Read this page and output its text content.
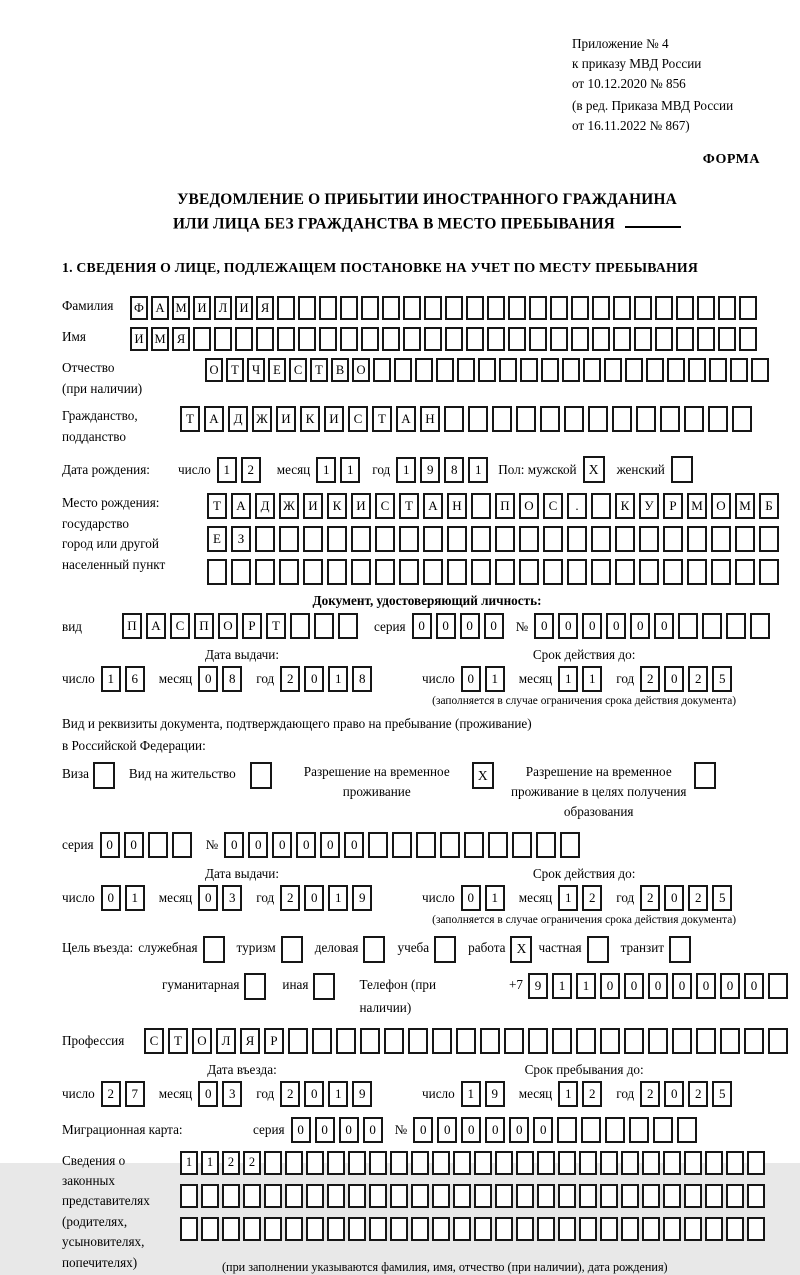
Приложение № 4
к приказу МВД России
от 10.12.2020 № 856
(в ред. Приказа МВД России
от 16.11.2022 № 867)
ФОРМА
УВЕДОМЛЕНИЕ О ПРИБЫТИИ ИНОСТРАННОГО ГРАЖДАНИНА
ИЛИ ЛИЦА БЕЗ ГРАЖДАНСТВА В МЕСТО ПРЕБЫВАНИЯ
1. СВЕДЕНИЯ О ЛИЦЕ, ПОДЛЕЖАЩЕМ ПОСТАНОВКЕ НА УЧЕТ ПО МЕСТУ ПРЕБЫВАНИЯ
Фамилия	Ф А М И Л И Я
Имя	И М Я
Отчество
(при наличии)
О	Т	Ч	Е	С	Т	В О
Гражданство,
подданство
Т	А	Д	Ж	И	К	И	С	Т	А	Н
Дата рождения:	число 1	2	месяц 1	1	год 1	9	8	1	Пол: мужской X	женский
Место рождения:
государство
город или другой
населенный пункт
Т	А	Д	Ж	И	К	И	С	Т	А	Н	П	О	С	.	К	У	Р	М	О	М	Б
Е	З
Документ, удостоверяющий личность:
вид	П	А	С	П	О	Р	Т	серия 0	0	0	0	№ 0	0	0	0	0	0
Дата выдачи:
число 1	6	месяц 0	8	год 2	0	1	8
Срок действия до:
число 0	1	месяц 1	1	год 2	0	2	5
(заполняется в случае ограничения срока действия документа)
Вид и реквизиты документа, подтверждающего право на пребывание (проживание)
в Российской Федерации:
Виза	Вид на жительство	Разрешение на временное проживание
X	Разрешение на временное проживание в целях получения образования
серия 0	0	№ 0	0	0	0	0	0
Дата выдачи:
число 0	1	месяц 0	3	год 2	0	1	9
Срок действия до:
число 0	1	месяц 1	2	год 2	0	2	5
(заполняется в случае ограничения срока действия документа)
Цель въезда: служебная	туризм	деловая	учеба	работа X частная	транзит
гуманитарная	иная	Телефон (при наличии)
+7 9	1	1	0	0	0	0	0	0	0
Профессия	С	Т	О	Л	Я	Р
Дата въезда:
число 2	7	месяц 0	3	год 2	0	1	9
Срок пребывания до:
число 1	9	месяц 1	2	год 2	0	2	5
Миграционная карта:	серия 0	0	0	0	№ 0	0	0	0	0	0
Сведения о
законных
представителях
(родителях,
усыновителях,
попечителях)
1	1	2	2
(при заполнении указываются фамилия, имя, отчество (при наличии), дата рождения)
